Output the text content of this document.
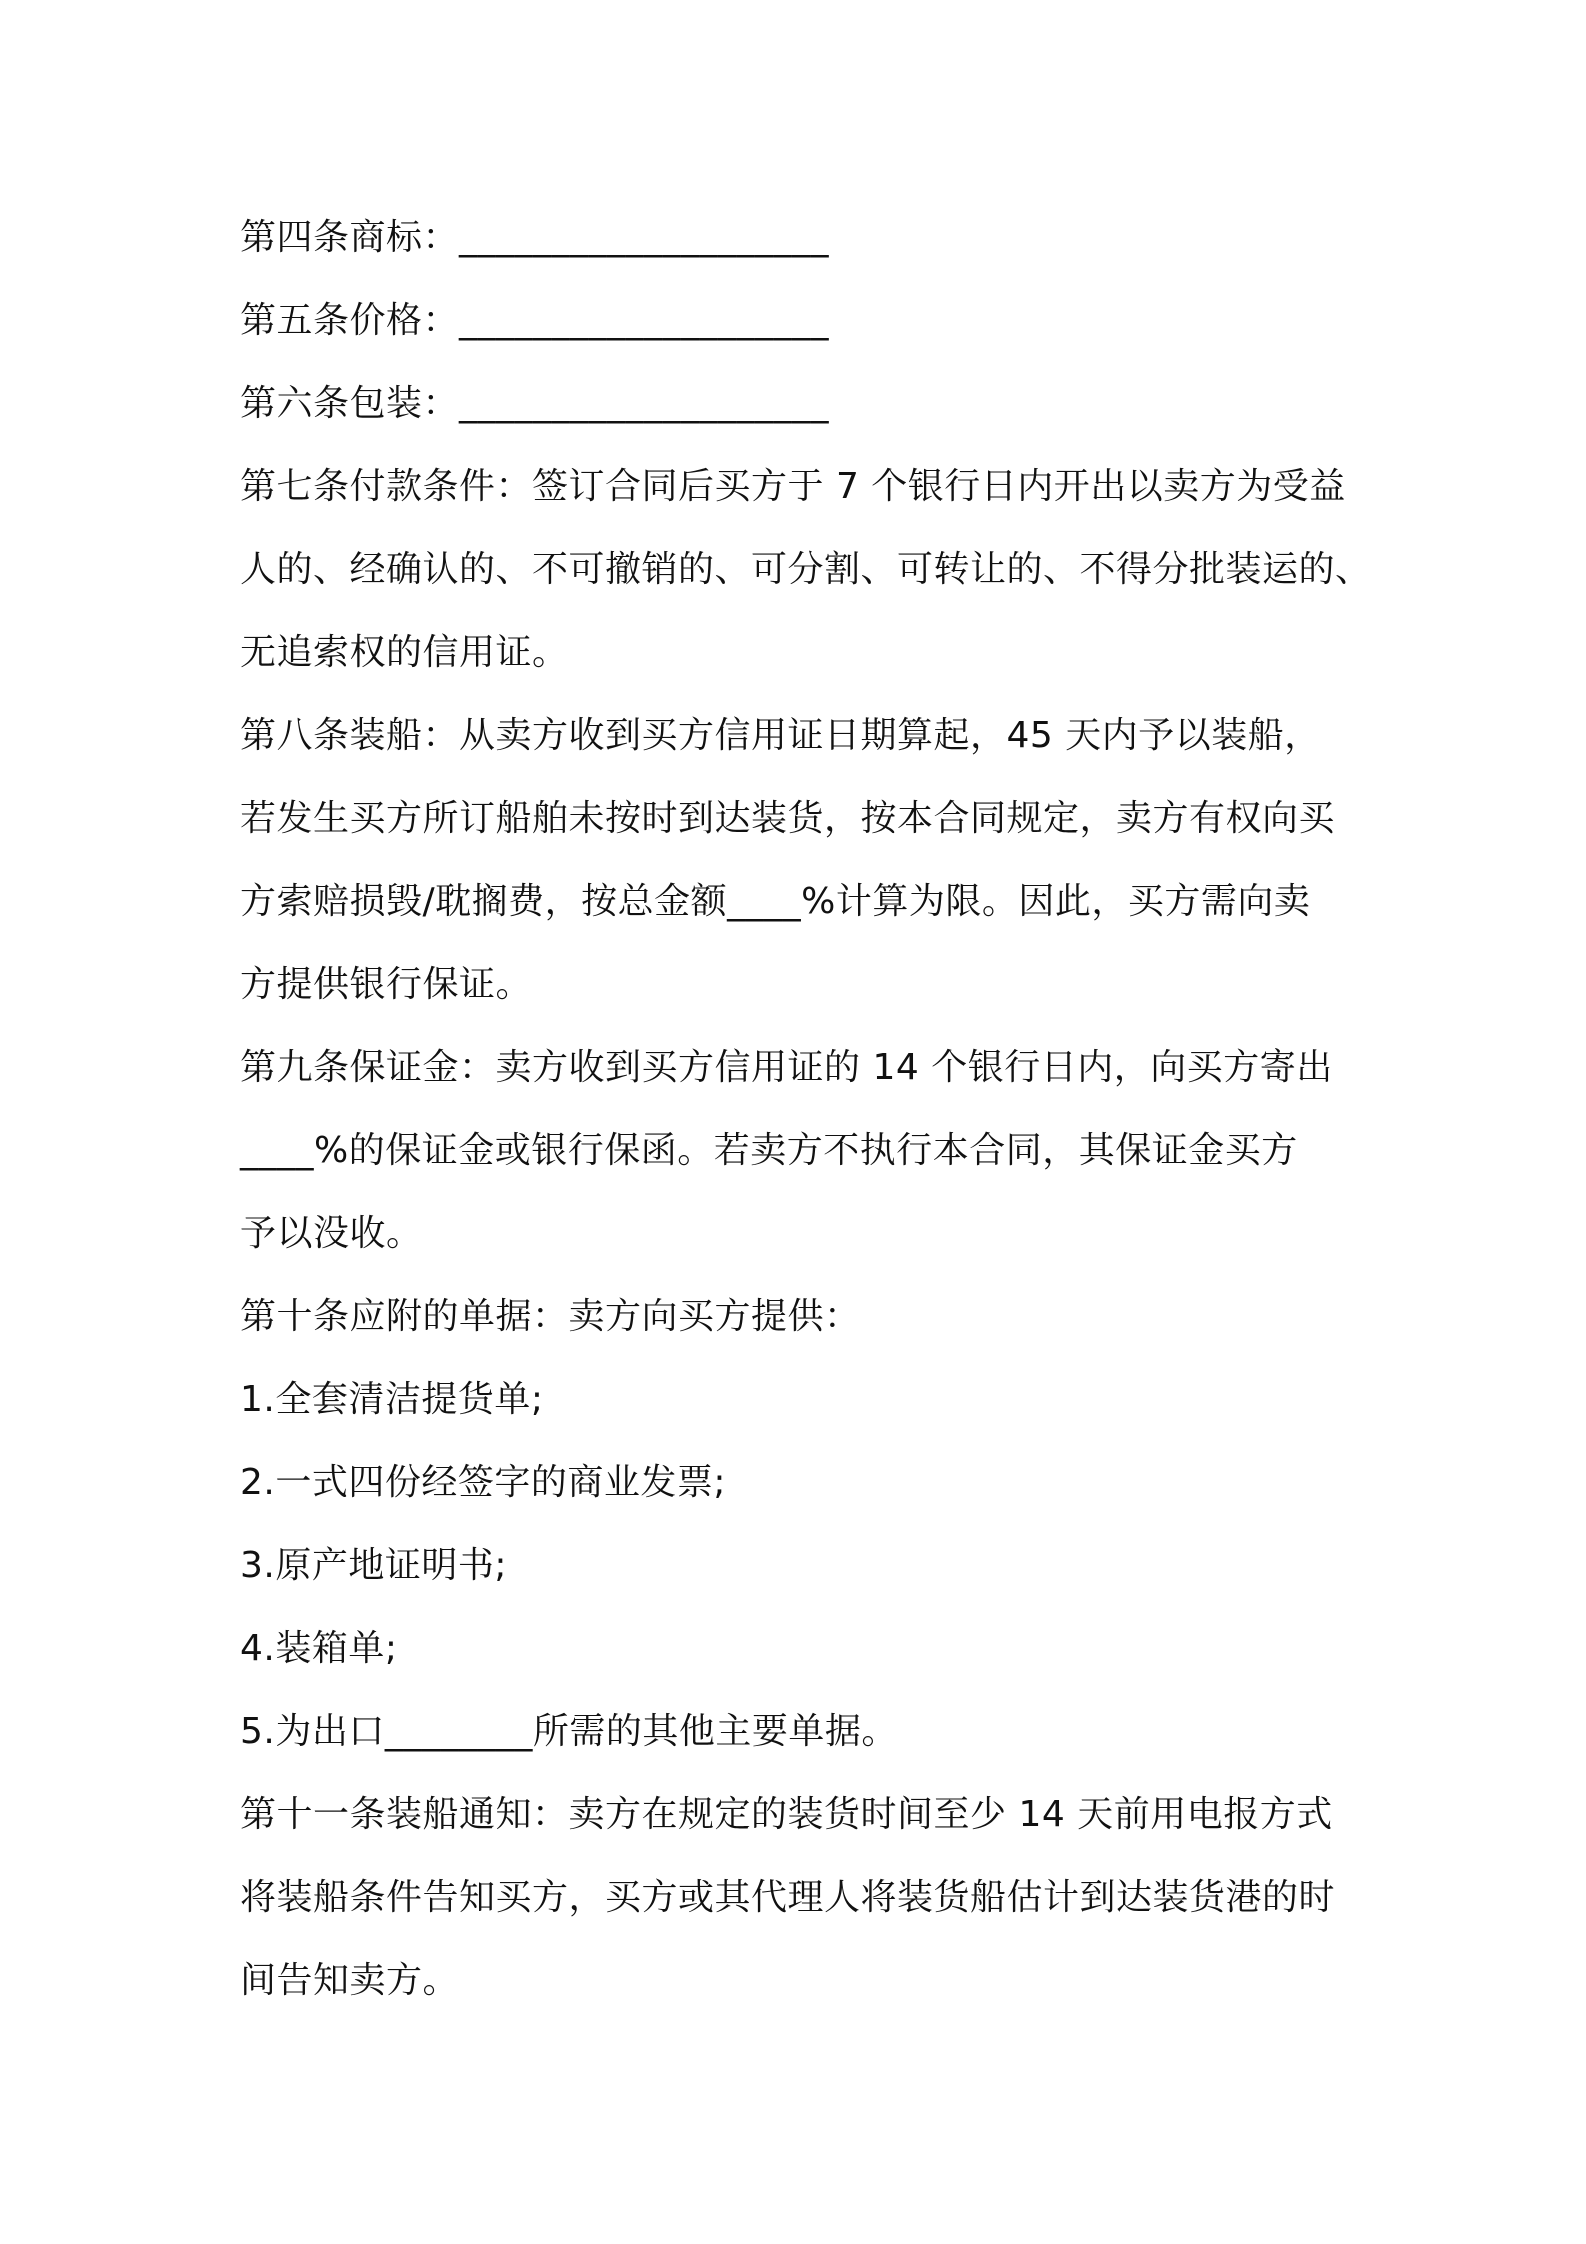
第四条商标：____________________
第五条价格：____________________
第六条包装：____________________
第七条付款条件：签订合同后买方于 7 个银行日内开出以卖方为受益
人的、经确认的、不可撤销的、可分割、可转让的、不得分批装运的、
无追索权的信用证。
第八条装船：从卖方收到买方信用证日期算起，45 天内予以装船，
若发生买方所订船舶未按时到达装货，按本合同规定，卖方有权向买
方索赔损毁/耽搁费，按总金额____%计算为限。因此，买方需向卖
方提供银行保证。
第九条保证金：卖方收到买方信用证的 14 个银行日内，向买方寄出
____%的保证金或银行保函。若卖方不执行本合同，其保证金买方
予以没收。
第十条应附的单据：卖方向买方提供：
1.全套清洁提货单;
2.一式四份经签字的商业发票;
3.原产地证明书;
4.装箱单;
5.为出口________所需的其他主要单据。
第十一条装船通知：卖方在规定的装货时间至少 14 天前用电报方式
将装船条件告知买方，买方或其代理人将装货船估计到达装货港的时
间告知卖方。
